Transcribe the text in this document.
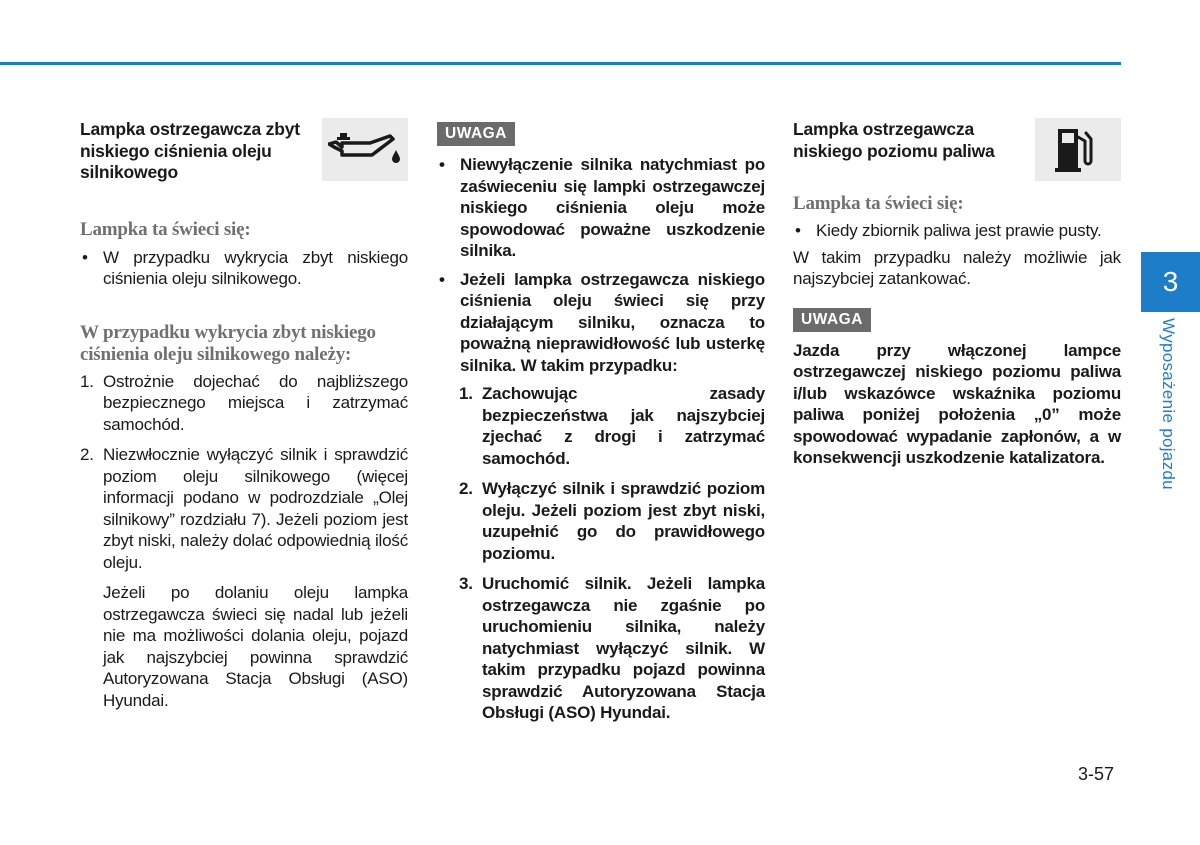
Lampka ostrzegawcza zbyt
niskiego ciśnienia oleju
silnikowego
Lampka ta świeci się:
• W przypadku wykrycia zbyt niskiego ciśnienia oleju silnikowego.
W przypadku wykrycia zbyt niskiego ciśnienia oleju silnikowego należy:
1. Ostrożnie dojechać do najbliższego bezpiecznego miejsca i zatrzymać samochód.
2. Niezwłocznie wyłączyć silnik i sprawdzić poziom oleju silnikowego (więcej informacji podano w podrozdziale „Olej silnikowy” rozdziału 7). Jeżeli poziom jest zbyt niski, należy dolać odpowiednią ilość oleju.
Jeżeli po dolaniu oleju lampka ostrzegawcza świeci się nadal lub jeżeli nie ma możliwości dolania oleju, pojazd jak najszybciej powinna sprawdzić Autoryzowana Stacja Obsługi (ASO) Hyundai.
UWAGA
• Niewyłączenie silnika natychmiast po zaświeceniu się lampki ostrzegawczej niskiego ciśnienia oleju może spowodować poważne uszkodzenie silnika.
• Jeżeli lampka ostrzegawcza niskiego ciśnienia oleju świeci się przy działającym silniku, oznacza to poważną nieprawidłowość lub usterkę silnika. W takim przypadku:
1. Zachowując zasady bezpieczeństwa jak najszybciej zjechać z drogi i zatrzymać samochód.
2. Wyłączyć silnik i sprawdzić poziom oleju. Jeżeli poziom jest zbyt niski, uzupełnić go do prawidłowego poziomu.
3. Uruchomić silnik. Jeżeli lampka ostrzegawcza nie zgaśnie po uruchomieniu silnika, należy natychmiast wyłączyć silnik. W takim przypadku pojazd powinna sprawdzić Autoryzowana Stacja Obsługi (ASO) Hyundai.
Lampka ostrzegawcza
niskiego poziomu paliwa
Lampka ta świeci się:
• Kiedy zbiornik paliwa jest prawie pusty.
W takim przypadku należy możliwie jak najszybciej zatankować.
UWAGA
Jazda przy włączonej lampce ostrzegawczej niskiego poziomu paliwa i/lub wskazówce wskaźnika poziomu paliwa poniżej położenia „0” może spowodować wypadanie zapłonów, a w konsekwencji uszkodzenie katalizatora.
3
Wyposażenie pojazdu
3-57
